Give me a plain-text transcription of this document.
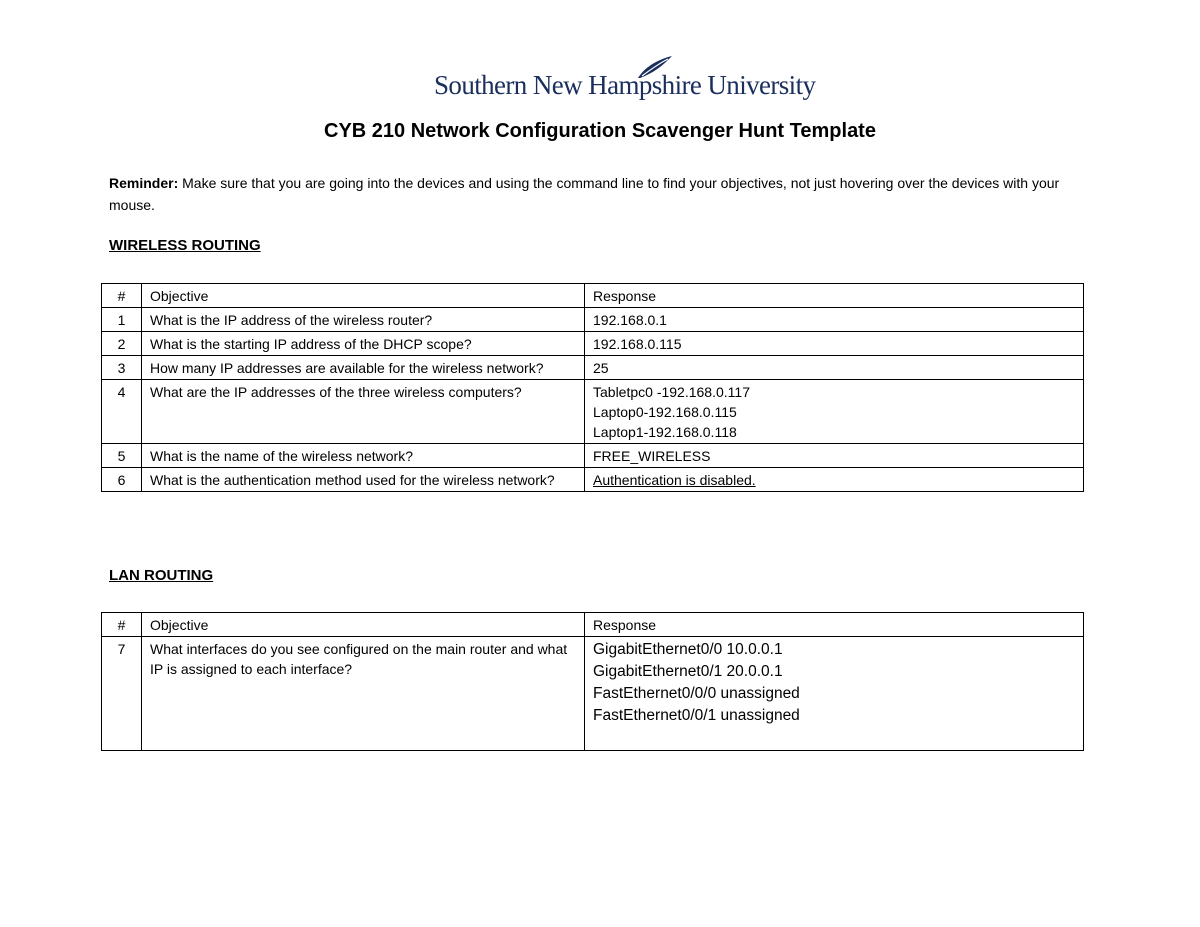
Southern New Hampshire University
CYB 210 Network Configuration Scavenger Hunt Template
Reminder: Make sure that you are going into the devices and using the command line to find your objectives, not just hovering over the devices with your mouse.
WIRELESS ROUTING
#	Objective	Response
1	What is the IP address of the wireless router?	192.168.0.1

2	What is the starting IP address of the DHCP scope?	192.168.0.115

3	How many IP addresses are available for the wireless network?	25

4	What are the IP addresses of the three wireless computers?	Tabletpc0 -192.168.0.117
Laptop0-192.168.0.115
Laptop1-192.168.0.118

5	What is the name of the wireless network?	FREE_WIRELESS

6	What is the authentication method used for the wireless network?	Authentication is disabled.
LAN ROUTING
#	Objective	Response
7	What interfaces do you see configured on the main router and what IP is assigned to each interface?	GigabitEthernet0/0 10.0.0.1
GigabitEthernet0/1 20.0.0.1
FastEthernet0/0/0 unassigned
FastEthernet0/0/1 unassigned
